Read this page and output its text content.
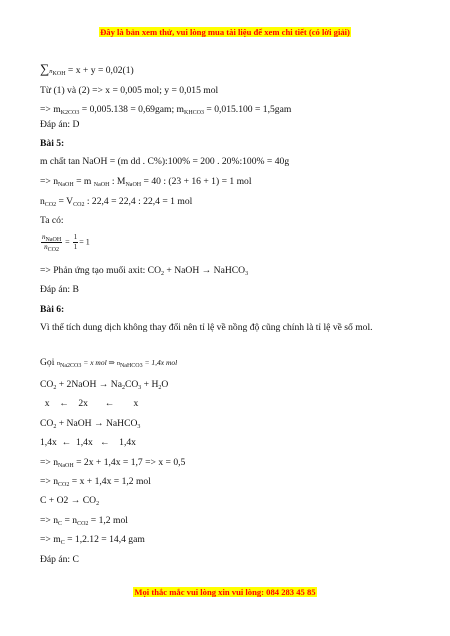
Đây là bản xem thử, vui lòng mua tài liệu để xem chi tiết (có lời giải)
$\sum n_{KOH} = x + y = 0,02(1)$
Từ (1) và (2) => x = 0,005 mol; y = 0,015 mol
=> $m_{K2CO3} = 0,005.138 = 0,69gam$; $m_{KHCO3} = 0,015.100 = 1,5gam$
Đáp án: D
Bài 5:
m chất tan NaOH = (m dd . C%):100% = 200 . 20%:100% = 40g
=> $n_{NaOH} = m$ $_{NaOH}$ : $M_{NaOH} = 40$ : (23 + 16 + 1) = 1 mol
$n_{CO2} = V_{CO2}$ : 22,4 = 22,4 : 22,4 = 1 mol
Ta có:
$\frac{n_{NaOH}}{n_{CO2}} = \frac{1}{1} = 1$
=> Phản ứng tạo muối axit: $CO_2$ + NaOH → NaHCO$_3$
Đáp án: B
Bài 6:
Vì thể tích dung dịch không thay đổi nên tỉ lệ về nồng độ cũng chính là tỉ lệ về số mol.
Gọi $n_{Na2CO3} = x$ mol ⇒ $n_{NaHCO3} = 1,4x$ mol
$CO_2$ + 2NaOH → $Na_2CO_3 + H_2O$
x    ←    2x       ←        x
$CO_2$ + NaOH → NaHCO$_3$
1,4x  ←  1,4x   ←    1,4x
=> $n_{NaOH} = 2x + 1,4x = 1,7 => x = 0,5$
=> $n_{CO2} = x + 1,4x = 1,2$ mol
$C + O2 \to CO_2$
=> $n_C = n_{CO2} = 1,2$ mol
=> $m_C = 1,2.12 = 14,4$ gam
Đáp án: C
Mọi thắc mắc vui lòng xin vui lòng: 084 283 45 85
